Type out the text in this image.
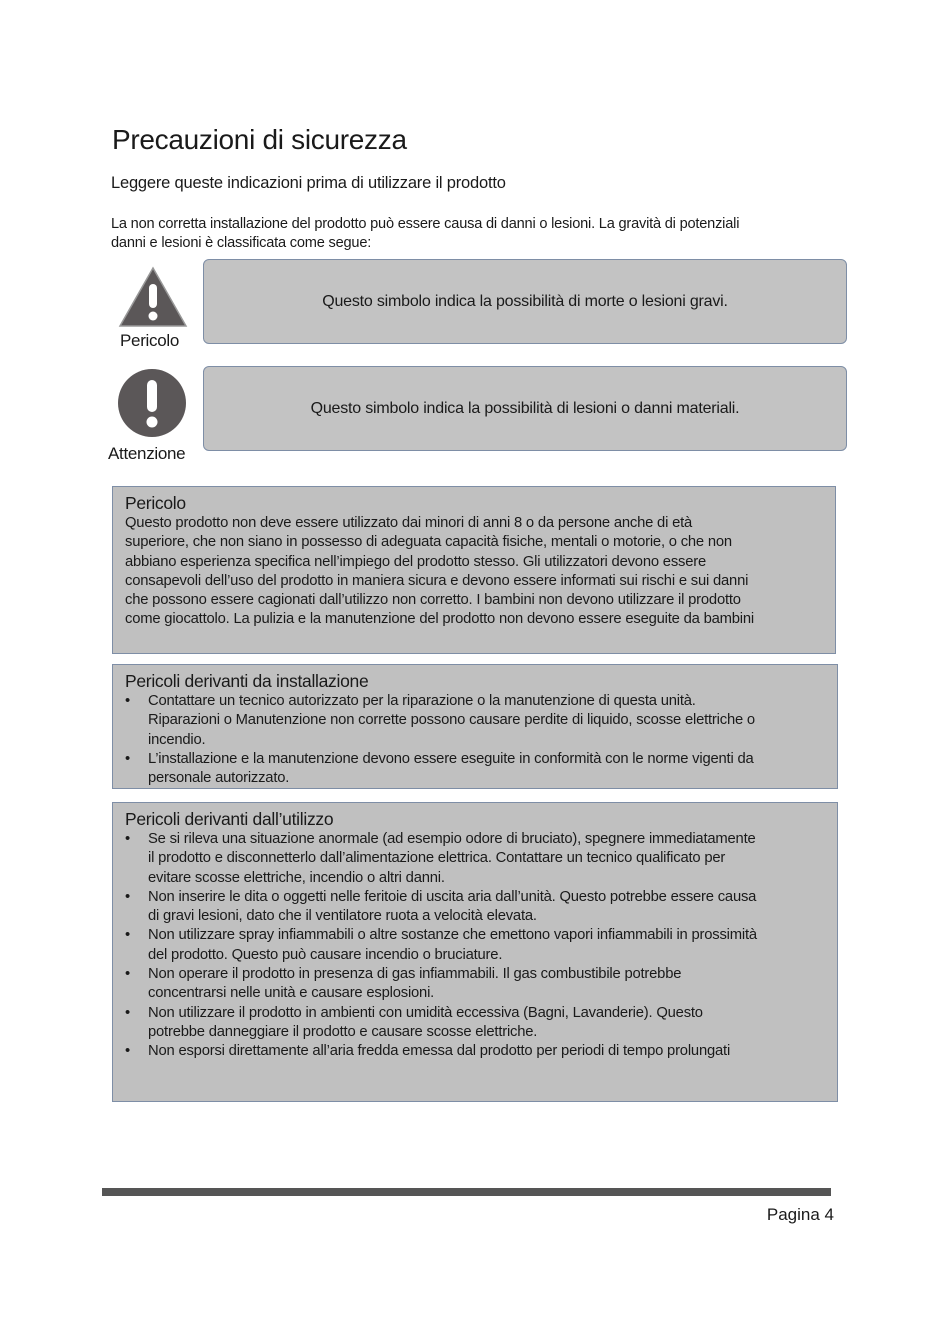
Precauzioni di sicurezza
Leggere queste indicazioni prima di utilizzare il prodotto
La non corretta installazione del prodotto può essere causa di danni o lesioni. La gravità di potenziali
danni e lesioni è classificata come segue:
Pericolo
Questo simbolo indica la possibilità di morte o lesioni gravi.
Attenzione
Questo simbolo indica la possibilità di lesioni o danni materiali.
Pericolo
Questo prodotto non deve essere utilizzato dai minori di anni 8 o da persone anche di età
superiore, che non siano in possesso di adeguata capacità fisiche, mentali o motorie, o che non
abbiano esperienza specifica nell’impiego del prodotto stesso. Gli utilizzatori devono essere
consapevoli dell’uso del prodotto in maniera sicura e devono essere informati sui rischi e sui danni
che possono essere cagionati dall’utilizzo non corretto. I bambini non devono utilizzare il prodotto
come giocattolo. La pulizia e la manutenzione del prodotto non devono essere eseguite da bambini
Pericoli derivanti da installazione
• Contattare un tecnico autorizzato per la riparazione o la manutenzione di questa unità.
Riparazioni o Manutenzione non corrette possono causare perdite di liquido, scosse elettriche o
incendio.
• L’installazione e la manutenzione devono essere eseguite in conformità con le norme vigenti da
personale autorizzato.
Pericoli derivanti dall’utilizzo
• Se si rileva una situazione anormale (ad esempio odore di bruciato), spegnere immediatamente
il prodotto e disconnetterlo dall’alimentazione elettrica. Contattare un tecnico qualificato per
evitare scosse elettriche, incendio o altri danni.
• Non inserire le dita o oggetti nelle feritoie di uscita aria dall’unità. Questo potrebbe essere causa
di gravi lesioni, dato che il ventilatore ruota a velocità elevata.
• Non utilizzare spray infiammabili o altre sostanze che emettono vapori infiammabili in prossimità
del prodotto. Questo può causare incendio o bruciature.
• Non operare il prodotto in presenza di gas infiammabili. Il gas combustibile potrebbe
concentrarsi nelle unità e causare esplosioni.
• Non utilizzare il prodotto in ambienti con umidità eccessiva (Bagni, Lavanderie). Questo
potrebbe danneggiare il prodotto e causare scosse elettriche.
• Non esporsi direttamente all’aria fredda emessa dal prodotto per periodi di tempo prolungati
Pagina 4
